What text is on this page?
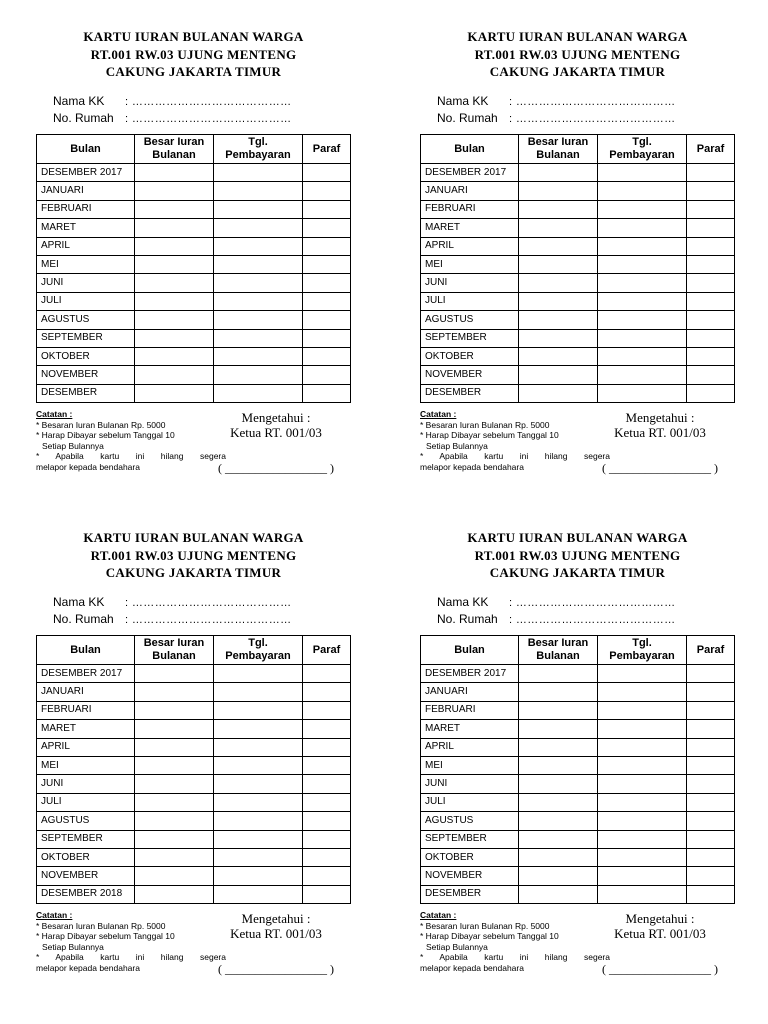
KARTU IURAN BULANAN WARGA
RT.001 RW.03 UJUNG MENTENG
CAKUNG JAKARTA TIMUR
Nama KK : ……………………………………
No. Rumah : ……………………………………
Bulan	Besar Iuran Bulanan	Tgl. Pembayaran	Paraf
DESEMBER 2017			
JANUARI			
FEBRUARI			
MARET			
APRIL			
MEI			
JUNI			
JULI			
AGUSTUS			
SEPTEMBER			
OKTOBER			
NOVEMBER			
DESEMBER			
Catatan :
* Besaran Iuran Bulanan Rp. 5000
* Harap Dibayar sebelum Tanggal 10
Setiap Bulannya
* Apabila kartu ini hilang segera
melapor kepada bendahara
Mengetahui :
Ketua RT. 001/03
( _________________ )
KARTU IURAN BULANAN WARGA
RT.001 RW.03 UJUNG MENTENG
CAKUNG JAKARTA TIMUR
Nama KK : ……………………………………
No. Rumah : ……………………………………
Bulan	Besar Iuran Bulanan	Tgl. Pembayaran	Paraf
DESEMBER 2017			
JANUARI			
FEBRUARI			
MARET			
APRIL			
MEI			
JUNI			
JULI			
AGUSTUS			
SEPTEMBER			
OKTOBER			
NOVEMBER			
DESEMBER			
Catatan :
* Besaran Iuran Bulanan Rp. 5000
* Harap Dibayar sebelum Tanggal 10
Setiap Bulannya
* Apabila kartu ini hilang segera
melapor kepada bendahara
Mengetahui :
Ketua RT. 001/03
( _________________ )
KARTU IURAN BULANAN WARGA
RT.001 RW.03 UJUNG MENTENG
CAKUNG JAKARTA TIMUR
Nama KK : ……………………………………
No. Rumah : ……………………………………
Bulan	Besar Iuran Bulanan	Tgl. Pembayaran	Paraf
DESEMBER 2017			
JANUARI			
FEBRUARI			
MARET			
APRIL			
MEI			
JUNI			
JULI			
AGUSTUS			
SEPTEMBER			
OKTOBER			
NOVEMBER			
DESEMBER 2018			
Catatan :
* Besaran Iuran Bulanan Rp. 5000
* Harap Dibayar sebelum Tanggal 10
Setiap Bulannya
* Apabila kartu ini hilang segera
melapor kepada bendahara
Mengetahui :
Ketua RT. 001/03
( _________________ )
KARTU IURAN BULANAN WARGA
RT.001 RW.03 UJUNG MENTENG
CAKUNG JAKARTA TIMUR
Nama KK : ……………………………………
No. Rumah : ……………………………………
Bulan	Besar Iuran Bulanan	Tgl. Pembayaran	Paraf
DESEMBER 2017			
JANUARI			
FEBRUARI			
MARET			
APRIL			
MEI			
JUNI			
JULI			
AGUSTUS			
SEPTEMBER			
OKTOBER			
NOVEMBER			
DESEMBER			
Catatan :
* Besaran Iuran Bulanan Rp. 5000
* Harap Dibayar sebelum Tanggal 10
Setiap Bulannya
* Apabila kartu ini hilang segera
melapor kepada bendahara
Mengetahui :
Ketua RT. 001/03
( _________________ )
